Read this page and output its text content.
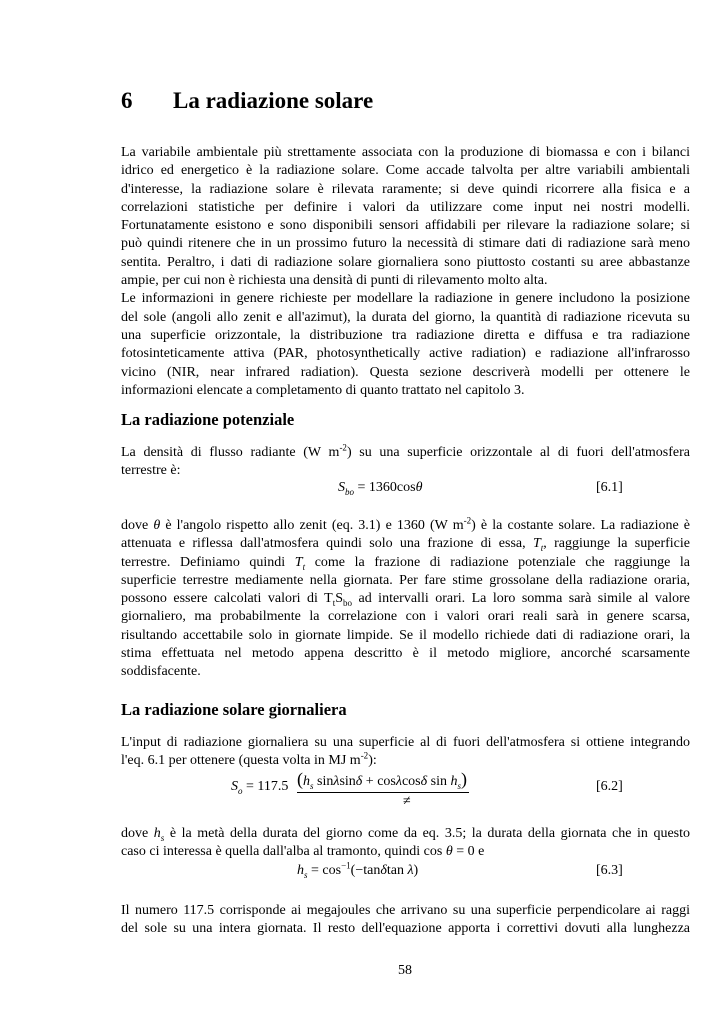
6 La radiazione solare
La variabile ambientale più strettamente associata con la produzione di biomassa e con i bilanci
idrico ed energetico è la radiazione solare. Come accade talvolta per altre variabili ambientali
d'interesse, la radiazione solare è rilevata raramente; si deve quindi ricorrere alla fisica e a
correlazioni statistiche per definire i valori da utilizzare come input nei nostri modelli.
Fortunatamente esistono e sono disponibili sensori affidabili per rilevare la radiazione solare; si
può quindi ritenere che in un prossimo futuro la necessità di stimare dati di radiazione sarà meno
sentita. Peraltro, i dati di radiazione solare giornaliera sono piuttosto costanti su aree abbastanze
ampie, per cui non è richiesta una densità di punti di rilevamento molto alta.
Le informazioni in genere richieste per modellare la radiazione in genere includono la posizione
del sole (angoli allo zenit e all'azimut), la durata del giorno, la quantità di radiazione ricevuta su
una superficie orizzontale, la distribuzione tra radiazione diretta e diffusa e tra radiazione
fotosinteticamente attiva (PAR, photosynthetically active radiation) e radiazione all'infrarosso
vicino (NIR, near infrared radiation). Questa sezione descriverà modelli per ottenere le
informazioni elencate a completamento di quanto trattato nel capitolo 3.
La radiazione potenziale
La densità di flusso radiante (W $m^{-2}$) su una superficie orizzontale al di fuori dell'atmosfera
terrestre è:
$S_{bo} = 1360\cos\theta$	[6.1]
dove θ è l'angolo rispetto allo zenit (eq. 3.1) e 1360 (W $m^{-2}$) è la costante solare. La radiazione è
attenuata e riflessa dall'atmosfera quindi solo una frazione di essa, $T_t$, raggiunge la superficie
terrestre. Definiamo quindi $T_t$ come la frazione di radiazione potenziale che raggiunge la
superficie terrestre mediamente nella giornata. Per fare stime grossolane della radiazione oraria,
possono essere calcolati valori di $T_tS_{bo}$ ad intervalli orari. La loro somma sarà simile al valore
giornaliero, ma probabilmente la correlazione con i valori orari reali sarà in genere scarsa,
risultando accettabile solo in giornate limpide. Se il modello richiede dati di radiazione orari, la
stima effettuata nel metodo appena descritto è il metodo migliore, ancorché scarsamente
soddisfacente.
La radiazione solare giornaliera
L'input di radiazione giornaliera su una superficie al di fuori dell'atmosfera si ottiene integrando
l'eq. 6.1 per ottenere (questa volta in MJ $m^{-2}$):
$S_o = 117.5$ ($h_s$ sinλsinδ + cosλcosδ $\sin h_s$)
≠
[6.2]
dove $h_s$ è la metà della durata del giorno come da eq. 3.5; la durata della giornata che in questo
caso ci interessa è quella dall'alba al tramonto, quindi cos θ = 0 e
$h_s = \cos^{-1}(-\tan\delta\tan$ λ)	[6.3]
Il numero 117.5 corrisponde ai megajoules che arrivano su una superficie perpendicolare ai raggi
del sole su una intera giornata. Il resto dell'equazione apporta i correttivi dovuti alla lunghezza
58
